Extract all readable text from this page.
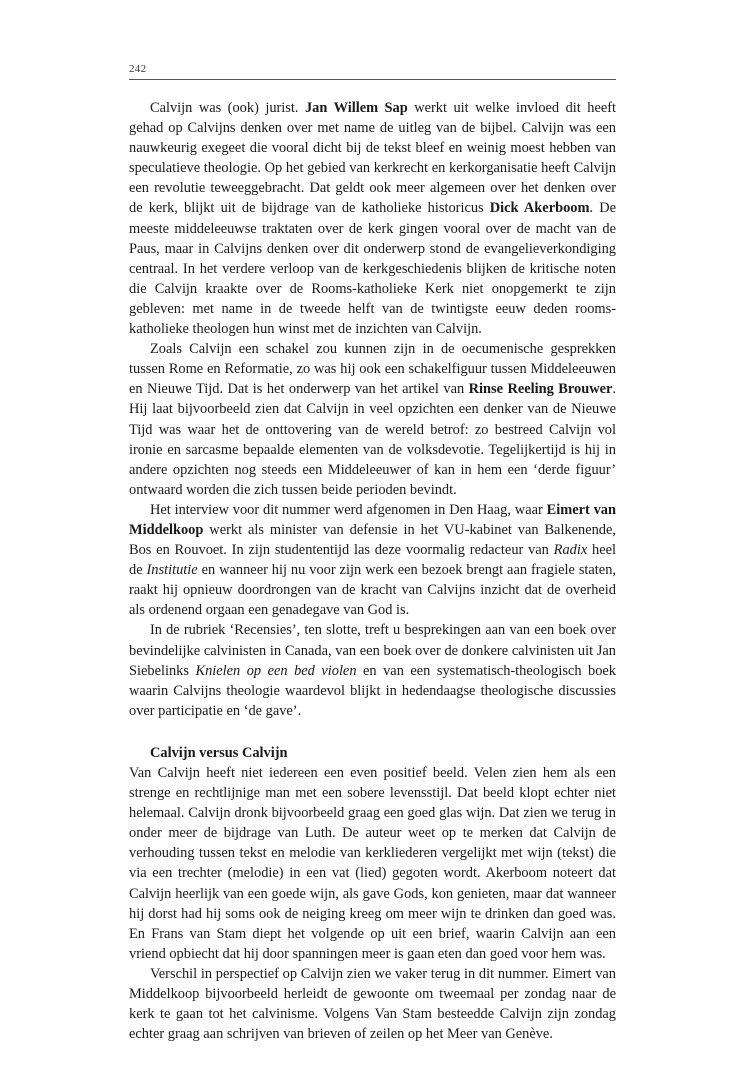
242

Calvijn was (ook) jurist. Jan Willem Sap werkt uit welke invloed dit heeft gehad op Calvijns denken over met name de uitleg van de bijbel. Calvijn was een nauwkeurig exegeet die vooral dicht bij de tekst bleef en weinig moest hebben van speculatieve theologie. Op het gebied van kerkrecht en kerkorganisatie heeft Calvijn een revolutie teweeggebracht. Dat geldt ook meer algemeen over het denken over de kerk, blijkt uit de bijdrage van de katholieke historicus Dick Akerboom. De meeste middeleeuwse traktaten over de kerk gingen vooral over de macht van de Paus, maar in Calvijns denken over dit onderwerp stond de evangelieverkondiging centraal. In het verdere verloop van de kerkgeschiedenis blijken de kritische noten die Calvijn kraakte over de Rooms-katholieke Kerk niet onopgemerkt te zijn gebleven: met name in de tweede helft van de twintigste eeuw deden rooms-katholieke theologen hun winst met de inzichten van Calvijn.

Zoals Calvijn een schakel zou kunnen zijn in de oecumenische gesprekken tussen Rome en Reformatie, zo was hij ook een schakelfiguur tussen Middeleeuwen en Nieuwe Tijd. Dat is het onderwerp van het artikel van Rinse Reeling Brouwer. Hij laat bijvoorbeeld zien dat Calvijn in veel opzichten een denker van de Nieuwe Tijd was waar het de onttovering van de wereld betrof: zo bestreed Calvijn vol ironie en sarcasme bepaalde elementen van de volksdevotie. Tegelijkertijd is hij in andere opzichten nog steeds een Middeleeuwer of kan in hem een ‘derde figuur’ ontwaard worden die zich tussen beide perioden bevindt.

Het interview voor dit nummer werd afgenomen in Den Haag, waar Eimert van Middelkoop werkt als minister van defensie in het VU-kabinet van Balkenende, Bos en Rouvoet. In zijn studententijd las deze voormalig redacteur van Radix heel de Institutie en wanneer hij nu voor zijn werk een bezoek brengt aan fragiele staten, raakt hij opnieuw doordrongen van de kracht van Calvijns inzicht dat de overheid als ordenend orgaan een genadegave van God is.

In de rubriek ‘Recensies’, ten slotte, treft u besprekingen aan van een boek over bevindelijke calvinisten in Canada, van een boek over de donkere calvinisten uit Jan Siebelinks Knielen op een bed violen en van een systematisch-theologisch boek waarin Calvijns theologie waardevol blijkt in hedendaagse theologische discussies over participatie en ‘de gave’.

Calvijn versus Calvijn

Van Calvijn heeft niet iedereen een even positief beeld. Velen zien hem als een strenge en rechtlijnige man met een sobere levensstijl. Dat beeld klopt echter niet helemaal. Calvijn dronk bijvoorbeeld graag een goed glas wijn. Dat zien we terug in onder meer de bijdrage van Luth. De auteur weet op te merken dat Calvijn de verhouding tussen tekst en melodie van kerkliederen vergelijkt met wijn (tekst) die via een trechter (melodie) in een vat (lied) gegoten wordt. Akerboom noteert dat Calvijn heerlijk van een goede wijn, als gave Gods, kon genieten, maar dat wanneer hij dorst had hij soms ook de neiging kreeg om meer wijn te drinken dan goed was. En Frans van Stam diept het volgende op uit een brief, waarin Calvijn aan een vriend opbiecht dat hij door spanningen meer is gaan eten dan goed voor hem was.

Verschil in perspectief op Calvijn zien we vaker terug in dit nummer. Eimert van Middelkoop bijvoorbeeld herleidt de gewoonte om tweemaal per zondag naar de kerk te gaan tot het calvinisme. Volgens Van Stam besteedde Calvijn zijn zondag echter graag aan schrijven van brieven of zeilen op het Meer van Genève.
